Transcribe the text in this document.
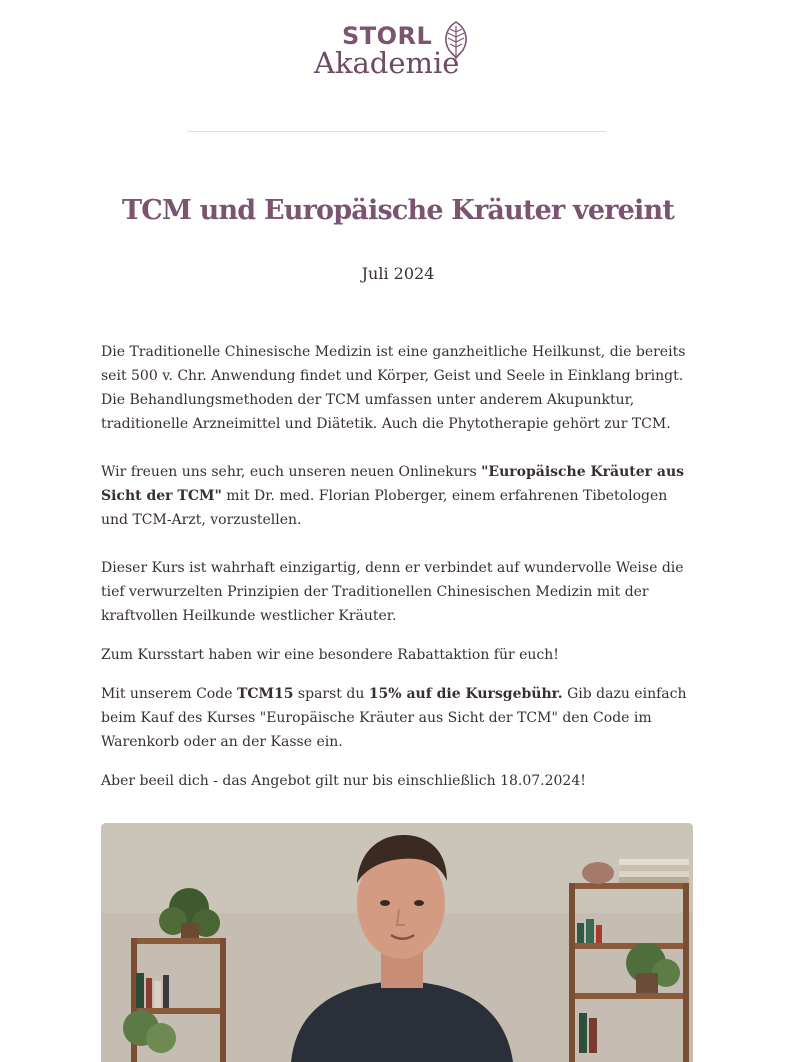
STORL
Akademie
TCM und Europäische Kräuter vereint
Juli 2024

Die Traditionelle Chinesische Medizin ist eine ganzheitliche Heilkunst, die bereits seit 500 v. Chr. Anwendung findet und Körper, Geist und Seele in Einklang bringt. Die Behandlungsmethoden der TCM umfassen unter anderem Akupunktur, traditionelle Arzneimittel und Diätetik. Auch die Phytotherapie gehört zur TCM.

Wir freuen uns sehr, euch unseren neuen Onlinekurs "Europäische Kräuter aus Sicht der TCM" mit Dr. med. Florian Ploberger, einem erfahrenen Tibetologen und TCM-Arzt, vorzustellen.

Dieser Kurs ist wahrhaft einzigartig, denn er verbindet auf wundervolle Weise die tief verwurzelten Prinzipien der Traditionellen Chinesischen Medizin mit der kraftvollen Heilkunde westlicher Kräuter.

Zum Kursstart haben wir eine besondere Rabattaktion für euch!

Mit unserem Code TCM15 sparst du 15% auf die Kursgebühr. Gib dazu einfach beim Kauf des Kurses "Europäische Kräuter aus Sicht der TCM" den Code im Warenkorb oder an der Kasse ein.

Aber beeil dich - das Angebot gilt nur bis einschließlich 18.07.2024!
